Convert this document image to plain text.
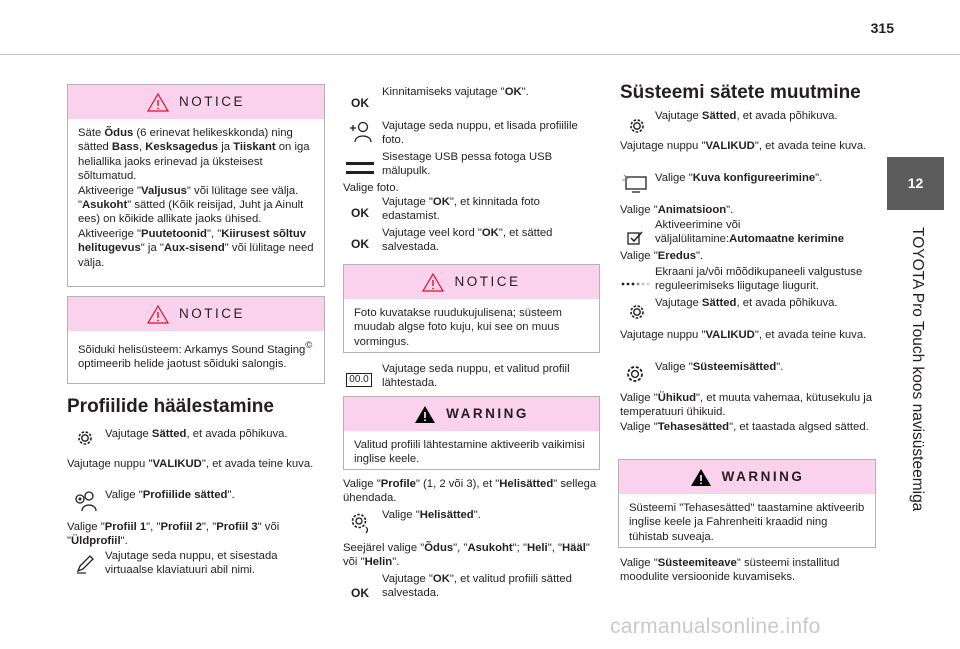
315
12
TOYOTA Pro Touch koos navisüsteemiga
NOTICE
Säte Õdus (6 erinevat helikeskkonda) ning sätted Bass, Kesksagedus ja Tiiskant on iga heliallika jaoks erinevad ja üksteisest sõltumatud.
Aktiveerige "Valjusus" või lülitage see välja.
"Asukoht" sätted (Kõik reisijad, Juht ja Ainult ees) on kõikide allikate jaoks ühised.
Aktiveerige "Puutetoonid", "Kiirusest sõltuv helitugevus" ja "Aux-sisend" või lülitage need välja.
NOTICE
Sõiduki helisüsteem: Arkamys Sound Staging© optimeerib helide jaotust sõiduki salongis.
Profiilide häälestamine
Vajutage Sätted, et avada põhikuva.
Vajutage nuppu "VALIKUD", et avada teine kuva.
Valige "Profiilide sätted".
Valige "Profiil 1", "Profiil 2", "Profiil 3" või "Üldprofiil".
Vajutage seda nuppu, et sisestada virtuaalse klaviatuuri abil nimi.
OK
Kinnitamiseks vajutage "OK".
Vajutage seda nuppu, et lisada profiilile foto.
Sisestage USB pessa fotoga USB mälupulk.
Valige foto.
OK
Vajutage "OK", et kinnitada foto edastamist.
OK
Vajutage veel kord "OK", et sätted salvestada.
NOTICE
Foto kuvatakse ruudukujulisena; süsteem muudab algse foto kuju, kui see on muus vormingus.
00.0
Vajutage seda nuppu, et valitud profiil lähtestada.
WARNING
Valitud profiili lähtestamine aktiveerib vaikimisi inglise keele.
Valige "Profile" (1, 2 või 3), et "Helisätted" sellega ühendada.
Valige "Helisätted".
Seejärel valige "Õdus", "Asukoht"; "Heli", "Hääl" või "Helin".
OK
Vajutage "OK", et valitud profiili sätted salvestada.
Süsteemi sätete muutmine
Vajutage Sätted, et avada põhikuva.
Vajutage nuppu "VALIKUD", et avada teine kuva.
Valige "Kuva konfigureerimine".
Valige "Animatsioon".
Aktiveerimine või väljalülitamine:Automaatne kerimine
Valige "Eredus".
Ekraani ja/või mõõdikupaneeli valgustuse reguleerimiseks liigutage liugurit.
Vajutage Sätted, et avada põhikuva.
Vajutage nuppu "VALIKUD", et avada teine kuva.
Valige "Süsteemisätted".
Valige "Ühikud", et muuta vahemaa, kütusekulu ja temperatuuri ühikuid.
Valige "Tehasesätted", et taastada algsed sätted.
WARNING
Süsteemi "Tehasesätted" taastamine aktiveerib inglise keele ja Fahrenheiti kraadid ning tühistab suveaja.
Valige "Süsteemiteave" süsteemi installitud moodulite versioonide kuvamiseks.
carmanualsonline.info
